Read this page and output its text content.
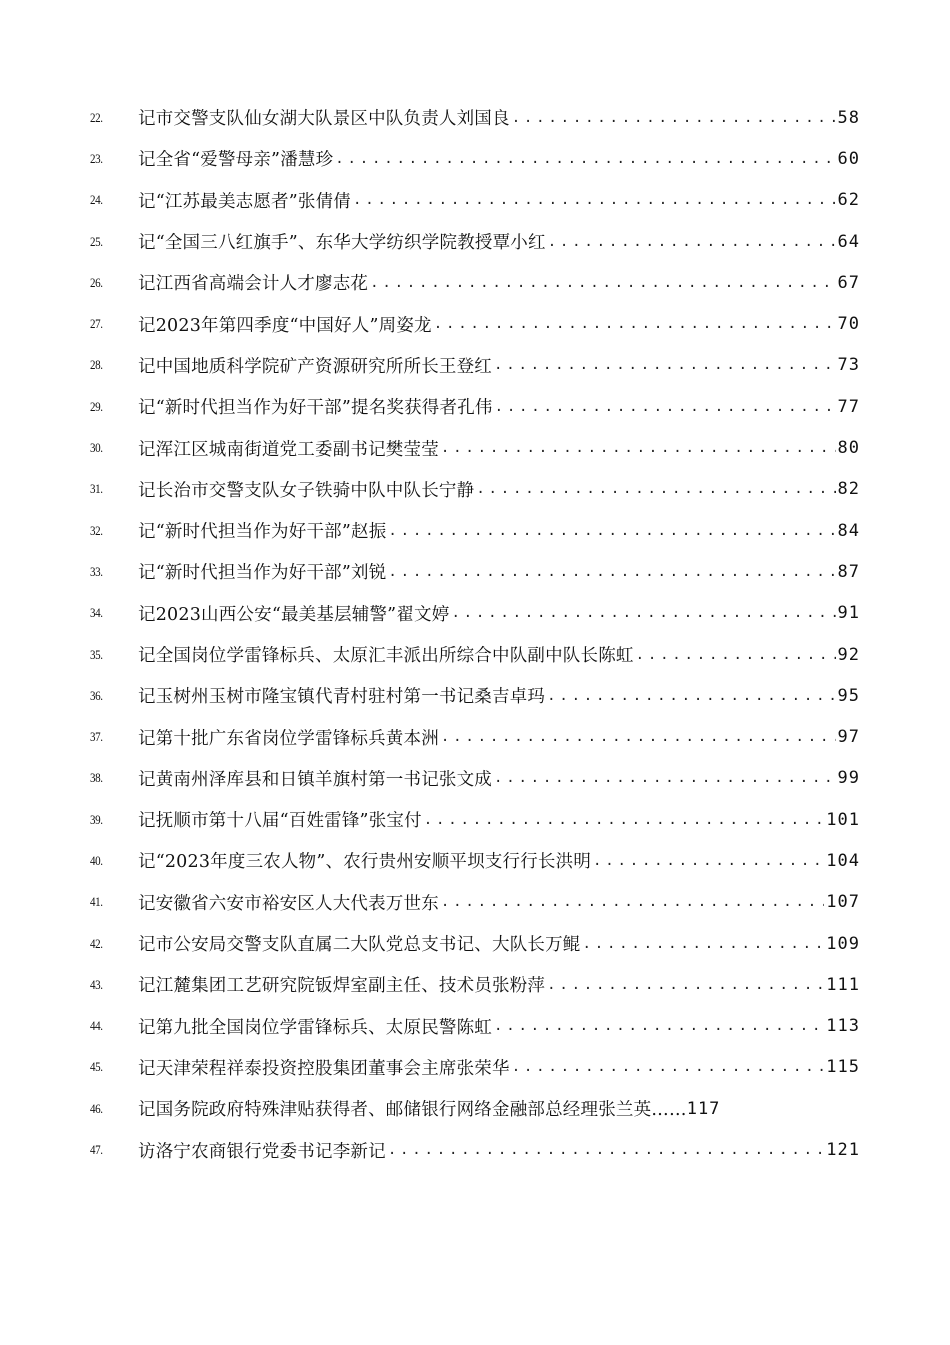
22.	记市交警支队仙女湖大队景区中队负责人刘国良 .....	58
23.	记全省“爱警母亲”潘慧珍 .....	60
24.	记“江苏最美志愿者”张倩倩 .....	62
25.	记“全国三八红旗手”、东华大学纺织学院教授覃小红 .....	64
26.	记江西省高端会计人才廖志花 .....	67
27.	记2023年第四季度“中国好人”周姿龙 .....	70
28.	记中国地质科学院矿产资源研究所所长王登红 .....	73
29.	记“新时代担当作为好干部”提名奖获得者孔伟 .....	77
30.	记浑江区城南街道党工委副书记樊莹莹 .....	80
31.	记长治市交警支队女子铁骑中队中队长宁静 .....	82
32.	记“新时代担当作为好干部”赵振 .....	84
33.	记“新时代担当作为好干部”刘锐 .....	87
34.	记2023山西公安“最美基层辅警”翟文婷 .....	91
35.	记全国岗位学雷锋标兵、太原汇丰派出所综合中队副中队长陈虹 .....	92
36.	记玉树州玉树市隆宝镇代青村驻村第一书记桑吉卓玛 .....	95
37.	记第十批广东省岗位学雷锋标兵黄本洲 .....	97
38.	记黄南州泽库县和日镇羊旗村第一书记张文成 .....	99
39.	记抚顺市第十八届“百姓雷锋”张宝付 .....	101
40.	记“2023年度三农人物”、农行贵州安顺平坝支行行长洪明 .....	104
41.	记安徽省六安市裕安区人大代表万世东 .....	107
42.	记市公安局交警支队直属二大队党总支书记、大队长万鲲 .....	109
43.	记江麓集团工艺研究院钣焊室副主任、技术员张粉萍 .....	111
44.	记第九批全国岗位学雷锋标兵、太原民警陈虹 .....	113
45.	记天津荣程祥泰投资控股集团董事会主席张荣华 .....	115
46.	记国务院政府特殊津贴获得者、邮储银行网络金融部总经理张兰英…… 117
47.	访洛宁农商银行党委书记李新记 .....	121
